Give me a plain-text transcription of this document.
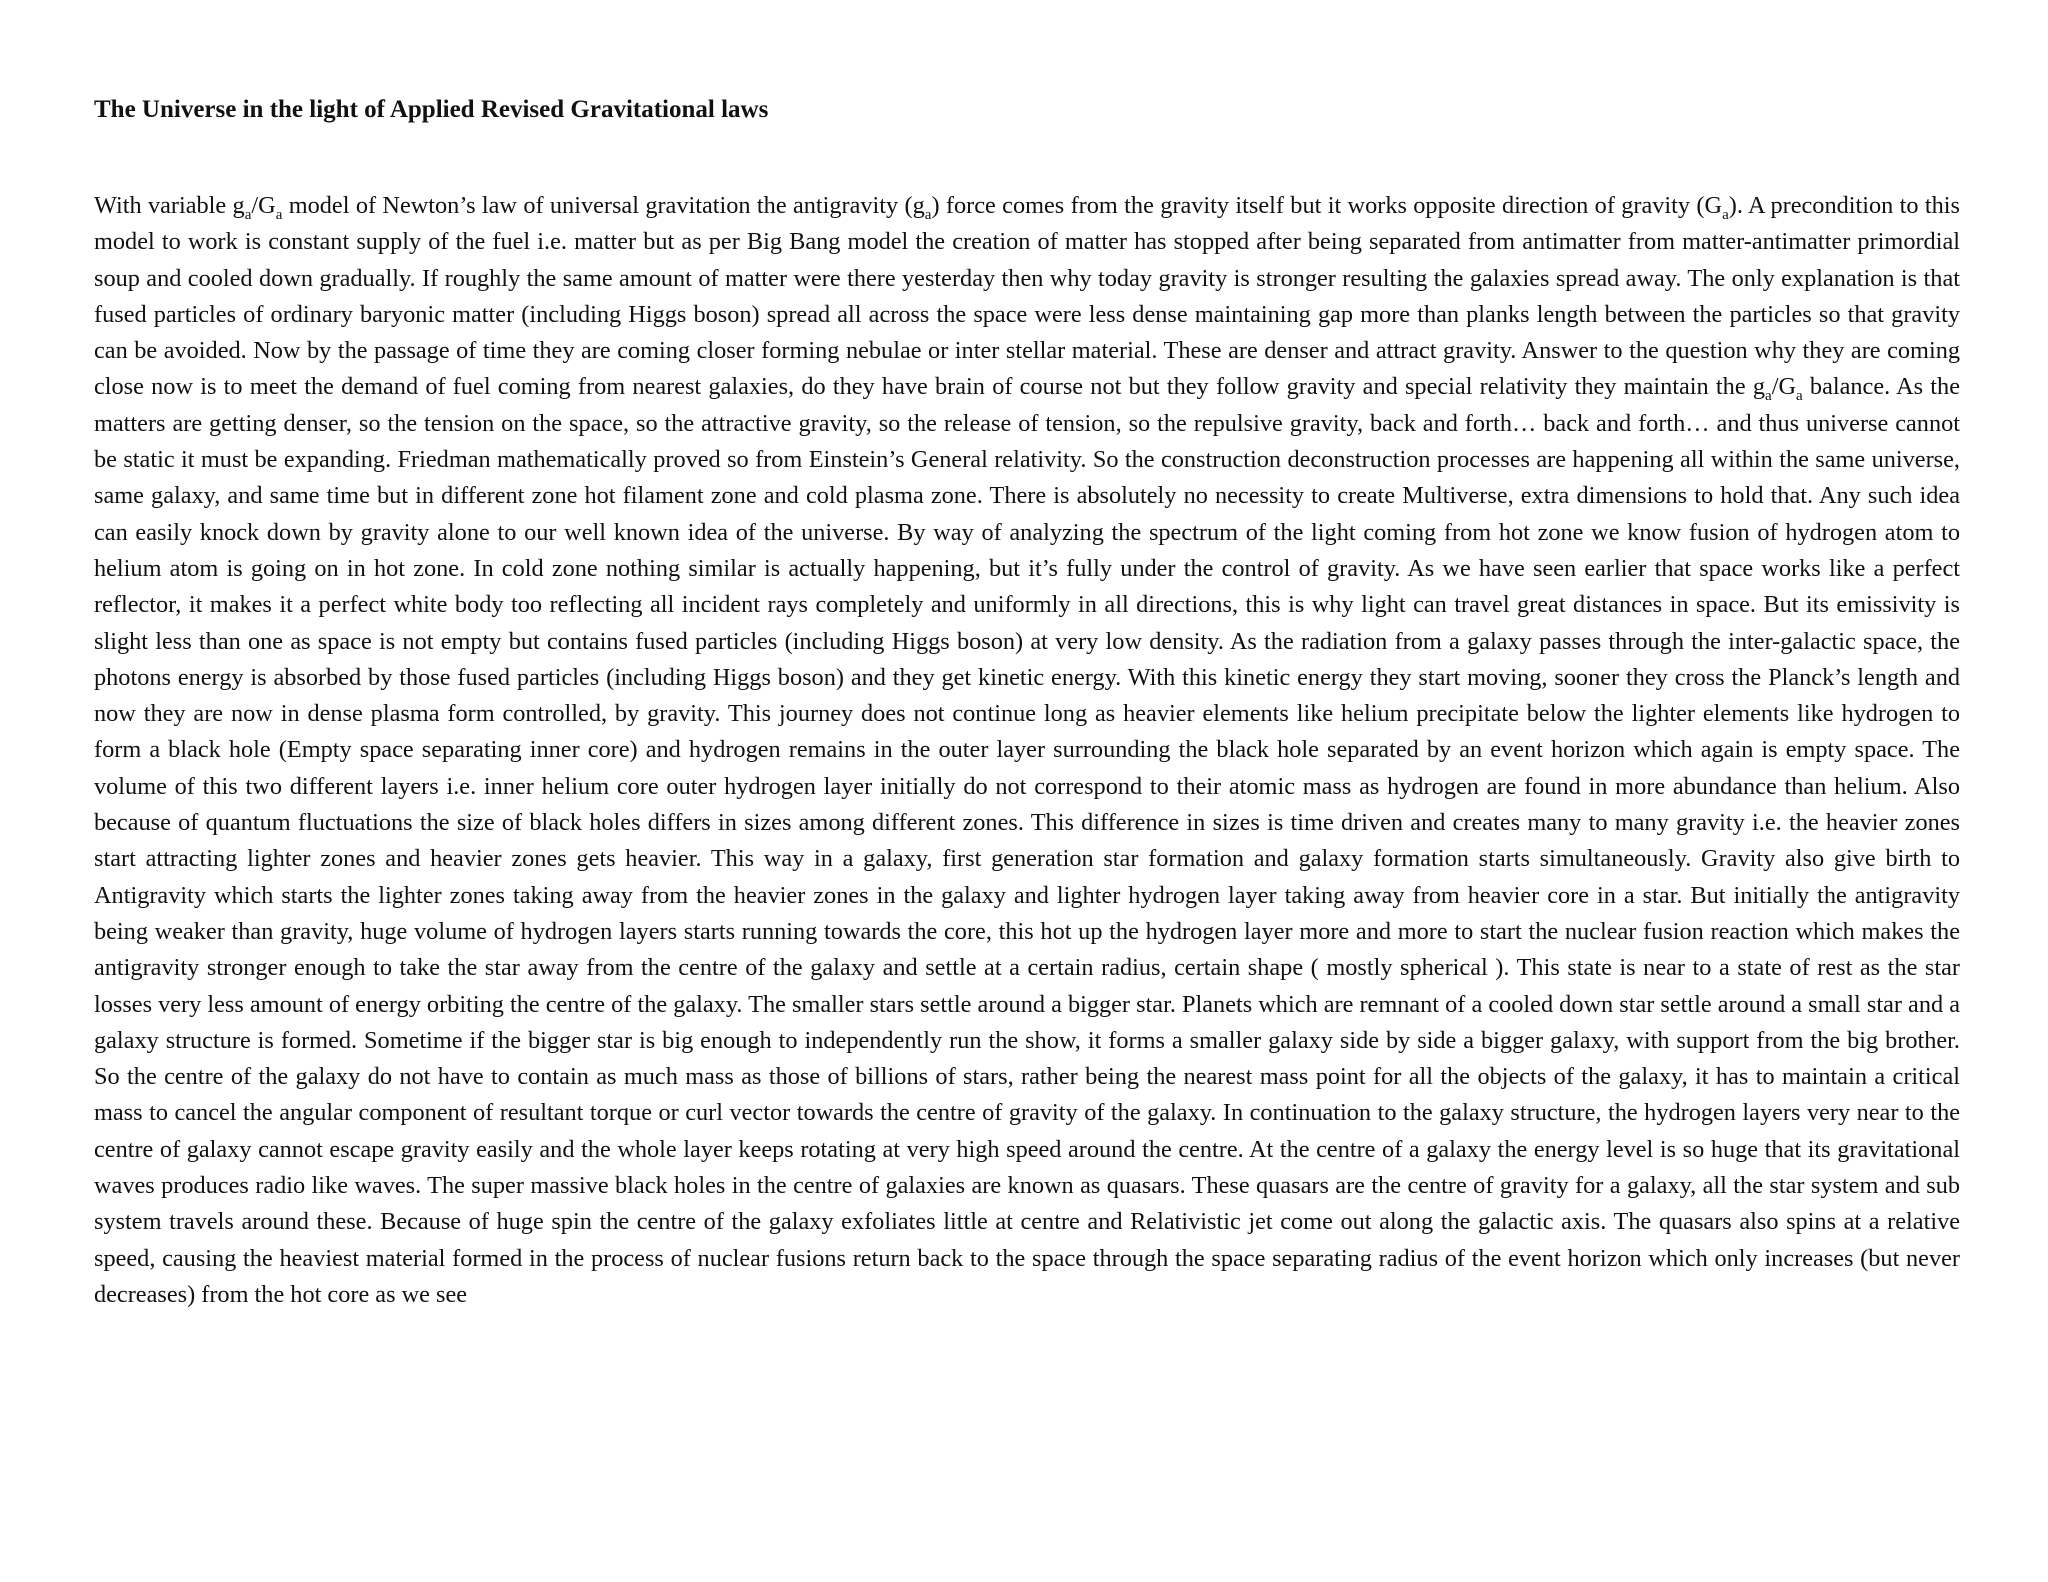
The Universe in the light of Applied Revised Gravitational laws

With variable $g_a/G_a$ model of Newton’s law of universal gravitation the antigravity $(g_a)$ force comes from the gravity itself but it works opposite direction of gravity $(G_a)$. A precondition to this model to work is constant supply of the fuel i.e. matter but as per Big Bang model the creation of matter has stopped after being separated from antimatter from matter-antimatter primordial soup and cooled down gradually. If roughly the same amount of matter were there yesterday then why today gravity is stronger resulting the galaxies spread away. The only explanation is that fused particles of ordinary baryonic matter (including Higgs boson) spread all across the space were less dense maintaining gap more than planks length between the particles so that gravity can be avoided. Now by the passage of time they are coming closer forming nebulae or inter stellar material. These are denser and attract gravity. Answer to the question why they are coming close now is to meet the demand of fuel coming from nearest galaxies, do they have brain of course not but they follow gravity and special relativity they maintain the $g_a/G_a$ balance. As the matters are getting denser, so the tension on the space, so the attractive gravity, so the release of tension, so the repulsive gravity, back and forth… back and forth… and thus universe cannot be static it must be expanding. Friedman mathematically proved so from Einstein’s General relativity. So the construction deconstruction processes are happening all within the same universe, same galaxy, and same time but in different zone hot filament zone and cold plasma zone. There is absolutely no necessity to create Multiverse, extra dimensions to hold that. Any such idea can easily knock down by gravity alone to our well known idea of the universe. By way of analyzing the spectrum of the light coming from hot zone we know fusion of hydrogen atom to helium atom is going on in hot zone. In cold zone nothing similar is actually happening, but it’s fully under the control of gravity. As we have seen earlier that space works like a perfect reflector, it makes it a perfect white body too reflecting all incident rays completely and uniformly in all directions, this is why light can travel great distances in space. But its emissivity is slight less than one as space is not empty but contains fused particles (including Higgs boson) at very low density. As the radiation from a galaxy passes through the inter-galactic space, the photons energy is absorbed by those fused particles (including Higgs boson) and they get kinetic energy. With this kinetic energy they start moving, sooner they cross the Planck’s length and now they are now in dense plasma form controlled, by gravity. This journey does not continue long as heavier elements like helium precipitate below the lighter elements like hydrogen to form a black hole (Empty space separating inner core) and hydrogen remains in the outer layer surrounding the black hole separated by an event horizon which again is empty space. The volume of this two different layers i.e. inner helium core outer hydrogen layer initially do not correspond to their atomic mass as hydrogen are found in more abundance than helium. Also because of quantum fluctuations the size of black holes differs in sizes among different zones. This difference in sizes is time driven and creates many to many gravity i.e. the heavier zones start attracting lighter zones and heavier zones gets heavier. This way in a galaxy, first generation star formation and galaxy formation starts simultaneously. Gravity also give birth to Antigravity which starts the lighter zones taking away from the heavier zones in the galaxy and lighter hydrogen layer taking away from heavier core in a star. But initially the antigravity being weaker than gravity, huge volume of hydrogen layers starts running towards the core, this hot up the hydrogen layer more and more to start the nuclear fusion reaction which makes the antigravity stronger enough to take the star away from the centre of the galaxy and settle at a certain radius, certain shape ( mostly spherical ). This state is near to a state of rest as the star losses very less amount of energy orbiting the centre of the galaxy. The smaller stars settle around a bigger star. Planets which are remnant of a cooled down star settle around a small star and a galaxy structure is formed. Sometime if the bigger star is big enough to independently run the show, it forms a smaller galaxy side by side a bigger galaxy, with support from the big brother. So the centre of the galaxy do not have to contain as much mass as those of billions of stars, rather being the nearest mass point for all the objects of the galaxy, it has to maintain a critical mass to cancel the angular component of resultant torque or curl vector towards the centre of gravity of the galaxy. In continuation to the galaxy structure, the hydrogen layers very near to the centre of galaxy cannot escape gravity easily and the whole layer keeps rotating at very high speed around the centre. At the centre of a galaxy the energy level is so huge that its gravitational waves produces radio like waves. The super massive black holes in the centre of galaxies are known as quasars. These quasars are the centre of gravity for a galaxy, all the star system and sub system travels around these. Because of huge spin the centre of the galaxy exfoliates little at centre and Relativistic jet come out along the galactic axis. The quasars also spins at a relative speed, causing the heaviest material formed in the process of nuclear fusions return back to the space through the space separating radius of the event horizon which only increases (but never decreases) from the hot core as we see
